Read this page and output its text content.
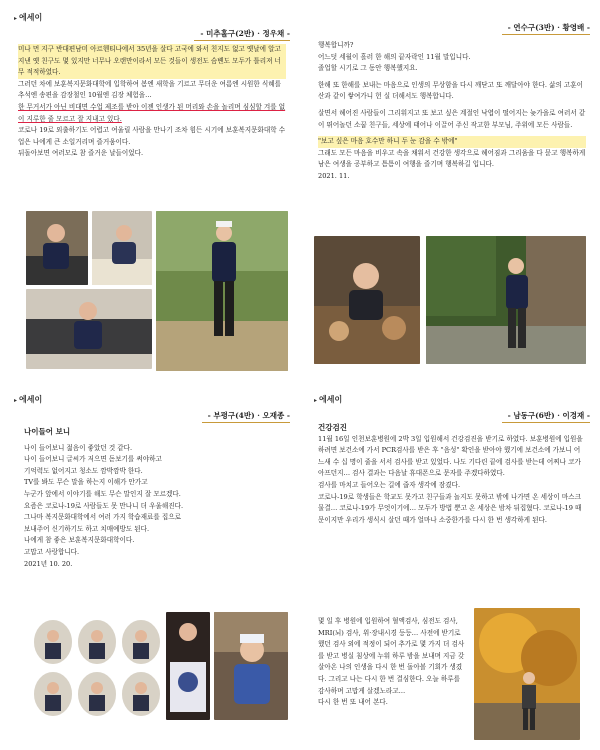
▸ 에세이
- 미추홀구(2반) · 정우채 -

미나 먼 지구 반대편남미 아르헨티나에서 35년을 살다 고국에 와서 친지도 없고 옛날에 알고 지낸 옛 친구도 몇 있지만 너무나 오랜만이라서 모든 것들이 생전도 슴볜도 모두가 틀리져 너무 적적하였다.

그러던 차에 보훈복지문화대학에 입학하여 봄엔 새학을 기르고 무더운 여름엔 시원한 식혜를 추석엔 송편을 감장철인 10월엔 김장 체험을…

한 무거서가 아닌 비대면 수업 제조를 받아 이젠 인생가 된 머리와 손을 놀리며 심심할 겨를 없이 지루한 줄 모르고 잘 지내고 있다.

코로나 19로 외출하기도 어렵고 여울릴 사람을 만나기 조차 힘든 시기에 보훈복지문화대학 수업은 나에게 큰 소일거리며 즐거움이다.

뒤돌아보면 여러모로 참 즐거운 날들이었다.

- 연수구(3반) · 황영배 -

행복합니까?

어느덧 세월이 흘러 한 해의 끝자락인 11월 말입니다.

졸업할 시기로 그 동안 행복했지요.

한해 또 한해를 보내는 마음으로 인생의 무상함을 다시 깨닫고 또 깨달아야 한다. 삶의 고훈이 산과 같이 쌓여가니 헌 실 더해서도 행복합니다.

살면서 헤어진 사람들이 그리워지고 또 보고 싶은 계절인 낙엽이 떨어지는 늦가을로 여러서 같이 뛰어놀던 소꿉 친구들, 세상에 태어나 이끌어 주신 작고한 부모님, 주위에 모든 사람들.

"보고 싶은 마음 호수만 하니 두 눈 감을 수 밖에"

그래도 모든 마음을 비우고 속을 채워서 건강한 생각으로 헤어짐과 그리움을 다 묻고 행복하게 남은 여생을 공부하고 틈틈이 여행을 즐기며 행복하길 입니다.

2021. 11.

▸ 에세이
- 부평구(4반) · 오재종 -

나이들어 보니

나이 들어보니 젊음이 좋았던 것 같다.

나이 들어보니 글씨가 저으면 돋보기를 써야하고

기억력도 없어지고 청소도 깜박깜박 한다.

TV를 봐도 무슨 말을 하는지 이해가 안가고

누군가 앞에서 이야기를 해도 무슨 말인지 잘 모르겠다.

요즘은 코로나-19로 사람들도 못 만나니 더 우울해진다.

그나마 복지문화대학에서 여러 가지 학습재료를 집으로

보내주어 신기하기도 하고 치매예방도 된다.

나에게 참 좋은 보훈복지문화대학이다.

고맙고 사랑합니다.

2021년 10. 20.

▸ 에세이
- 남동구(6반) · 이경재 -

건강검진

11월 16일 인천보훈병원에 2박 3일 입원해서 건강검진을 받기로 하였다. 보훈병원에 입원을 하려면 보건소에 가서 PCR검사를 받은 후 "음성" 확인을 받아야 했기에 보건소에 가보니 어느새 수 십 명이 줄을 서서 검사를 받고 있었다. 나도 기다린 끝에 검사를 받는데 어찌나 코가 아프던지… 검사 결과는 다음날 휴대폰으로 문자를 주겠다하였다.

검사를 마치고 들어오는 길에 줍자 생각에 잠겼다.

코로나-19로 학생들은 학교도 못가고 친구들과 놀지도 못하고 밖에 나가면 온 세상이 마스크 물결… 코로나-19가 무엇이기에… 모두가 방법 뿐고 온 세상은 밤차 뒤집혔다. 코로나-19 때문이지만 우리가 생식시 살던 때가 얼마나 소중한가를 다시 한 번 생각하게 된다.

몇 일 후 병원에 입원하여 혈액검사, 심전도 검사, MRI(뇌) 검사, 위·장내시경 등등… 사전에 받기로 했던 검사 외에 적정이 되어 추가로 몇 가지 더 검사를 받고 병실 침상에 누워 하루 밤을 보내며 지금 갖 살아온 나의 인생을 다시 한 번 돌아볼 기회가 생겼다. 그리고 나는 다시 한 번 결심한다. 오늘 하루를 감사하며 고맙게 살겠노라고…

다시 한 번 또 내어 본다.
